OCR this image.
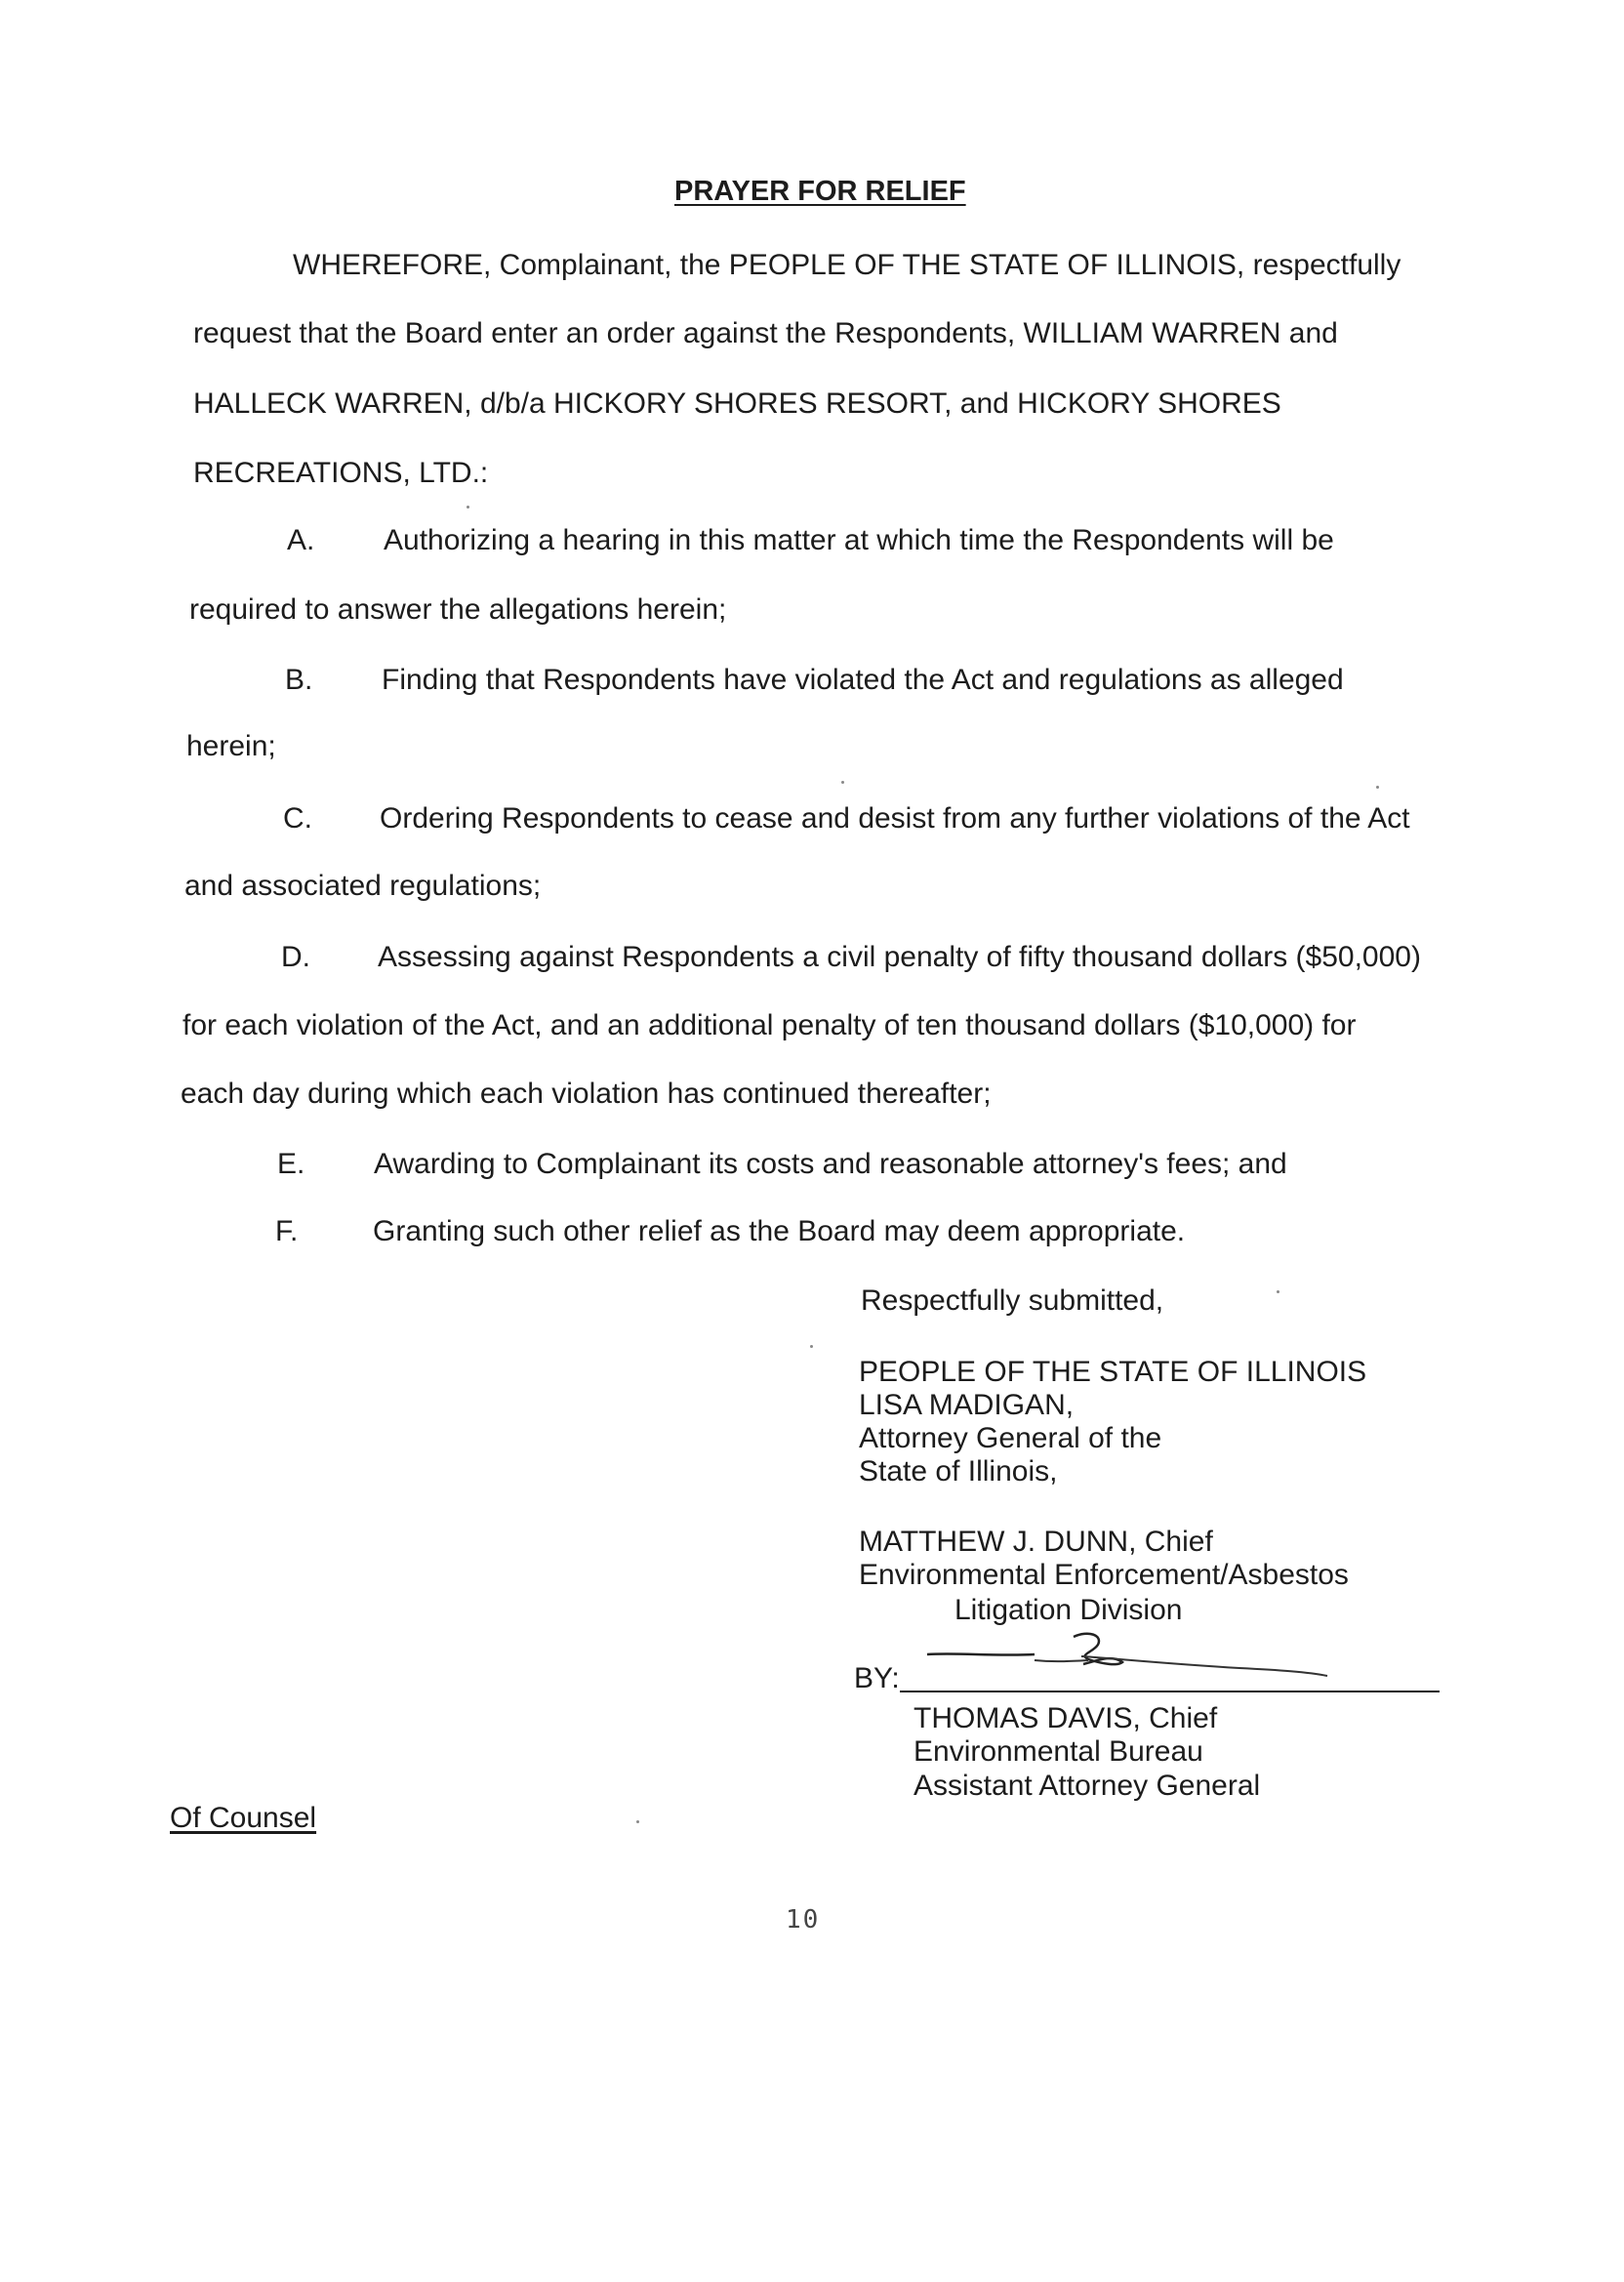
PRAYER FOR RELIEF
WHEREFORE, Complainant, the PEOPLE OF THE STATE OF ILLINOIS, respectfully
request that the Board enter an order against the Respondents, WILLIAM WARREN and
HALLECK WARREN, d/b/a HICKORY SHORES RESORT, and HICKORY SHORES
RECREATIONS, LTD.:
A. Authorizing a hearing in this matter at which time the Respondents will be
required to answer the allegations herein;
B. Finding that Respondents have violated the Act and regulations as alleged
herein;
C. Ordering Respondents to cease and desist from any further violations of the Act
and associated regulations;
D. Assessing against Respondents a civil penalty of fifty thousand dollars ($50,000)
for each violation of the Act, and an additional penalty of ten thousand dollars ($10,000) for
each day during which each violation has continued thereafter;
E. Awarding to Complainant its costs and reasonable attorney's fees; and
F.	Granting such other relief as the Board may deem appropriate.
Respectfully submitted,
PEOPLE OF THE STATE OF ILLINOIS
LISA MADIGAN,
Attorney General of the
State of Illinois,
MATTHEW J. DUNN, Chief
Environmental Enforcement/Asbestos
Litigation Division
BY:
THOMAS DAVIS, Chief
Environmental Bureau
Assistant Attorney General
Of Counsel
10
